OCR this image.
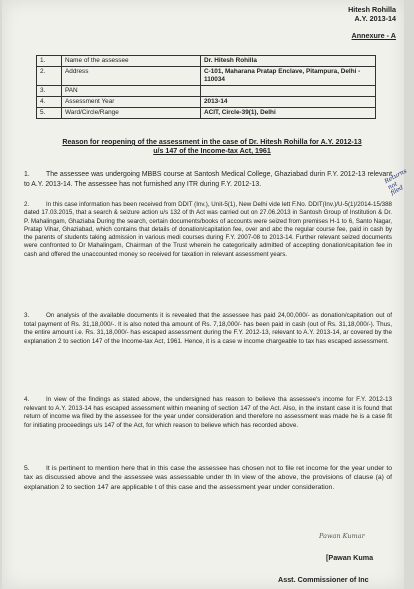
Hitesh Rohilla
A.Y. 2013-14
Annexure - A
1.	Name of the assessee	Dr. Hitesh Rohilla
2.	Address	C-101, Maharana Pratap Enclave, Pitampura, Delhi - 110034
3.	PAN	
4.	Assessment Year	2013-14
5.	Ward/Circle/Range	ACIT, Circle-39(1), Delhi
Reason for reopening of the assessment in the case of Dr. Hitesh Rohilla for A.Y. 2012-13 u/s 147 of the Income-tax Act, 1961
1. The assessee was undergoing MBBS course at Santosh Medical College, Ghaziabad durin F.Y. 2012-13 relevant to A.Y. 2013-14. The assessee has not furnished any ITR during F.Y. 2012-13.
2.	In this case information has been received from DDIT (Inv.), Unit-5(1), New Delhi vide lett F.No. DDIT(Inv.)/U-5(1)/2014-15/388 dated 17.03.2015, that a search & seizure action u/s 132 of th Act was carried out on 27.06.2013 in Santosh Group of Institution & Dr. P. Mahalingam, Ghaziaba During the search, certain documents/books of accounts were seized from premises H-1 to 6, Santo Nagar, Pratap Vihar, Ghaziabad, which contains that details of donation/capitation fee, over and abc the regular course fee, paid in cash by the parents of students taking admission in various medi courses during F.Y. 2007-08 to 2013-14. Further relevant seized documents were confronted to Dr Mahalingam, Chairman of the Trust wherein he categorically admitted of accepting donation/capitation fee in cash and offered the unaccounted money so received for taxation in relevant assessment years.
3.	On analysis of the available documents it is revealed that the assessee has paid 24,00,000/- as donation/capitation out of total payment of Rs. 31,18,000/-. It is also noted tha amount of Rs. 7,18,000/- has been paid in cash (out of Rs. 31,18,000/-). Thus, the entire amount i.e. Rs. 31,18,000/- has escaped assessment during the F.Y. 2012-13, relevant to A.Y. 2013-14, ar covered by the explanation 2 to section 147 of the Income-tax Act, 1961. Hence, it is a case w income chargeable to tax has escaped assessment.
4.	In view of the findings as stated above, the undersigned has reason to believe tha assessee's income for F.Y. 2012-13 relevant to A.Y. 2013-14 has escaped assessment within meaning of section 147 of the Act. Also, in the instant case it is found that return of income wa filed by the assessee for the year under consideration and therefore no assessment was made he is a case fit for initiating proceedings u/s 147 of the Act, for which reason to believe which has recorded above.
5. It is pertinent to mention here that in this case the assessee has chosen not to file ret income for the year under to tax as discussed above and the assessee was assessable under th In view of the above, the provisions of clause (a) of explanation 2 to section 147 are applicable t of this case and the assessment year under consideration.
Returns not filed
Pawan Kumar
[Pawan Kuma
Asst. Commissioner of Inc
